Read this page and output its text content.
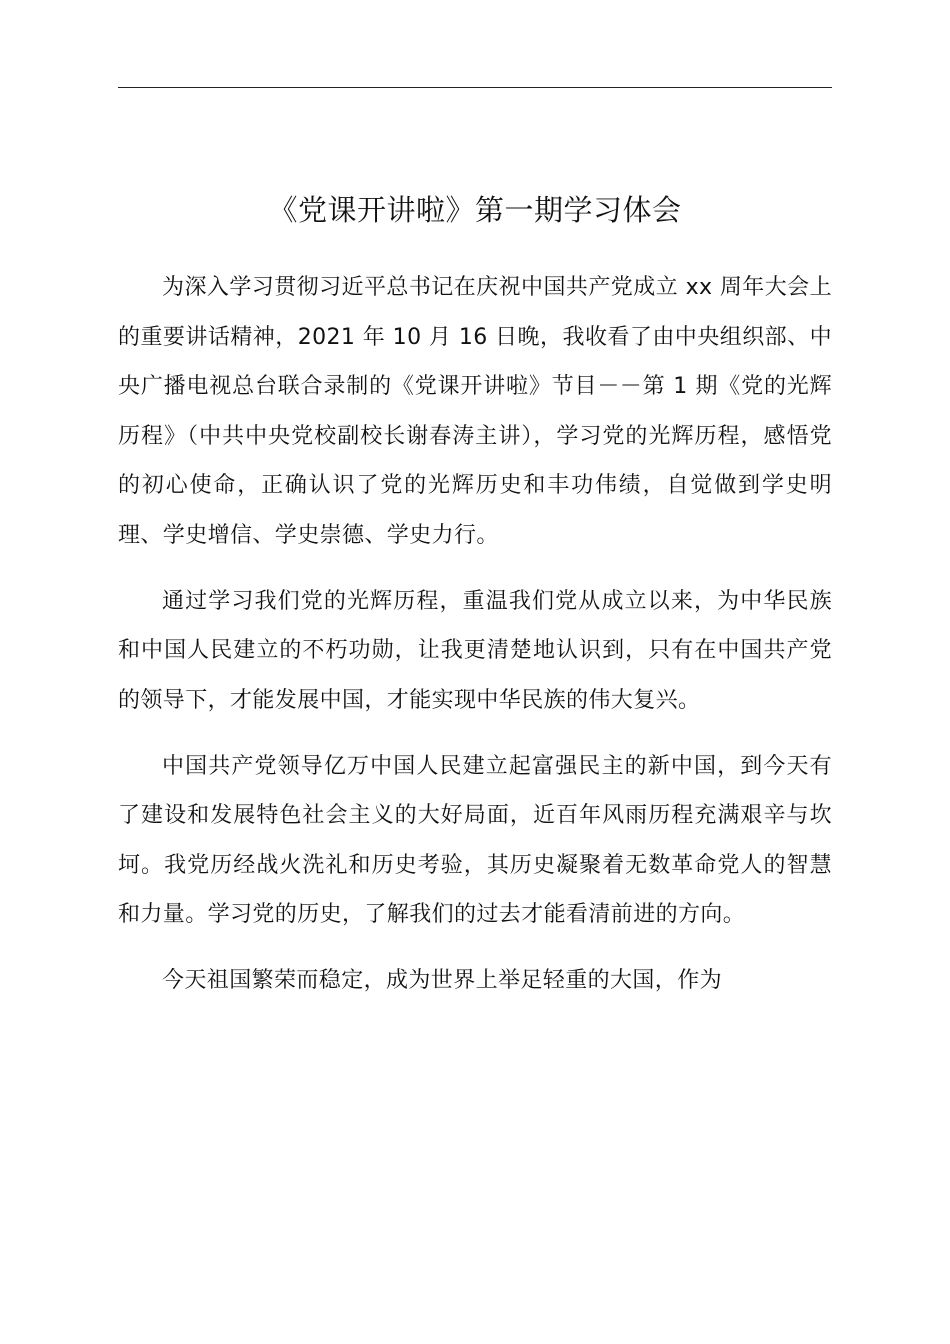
《党课开讲啦》第一期学习体会

为深入学习贯彻习近平总书记在庆祝中国共产党成立 xx 周年大会上的重要讲话精神，2021 年 10 月 16 日晚，我收看了由中央组织部、中央广播电视总台联合录制的《党课开讲啦》节目－－第 1 期《党的光辉历程》（中共中央党校副校长谢春涛主讲），学习党的光辉历程，感悟党的初心使命，正确认识了党的光辉历史和丰功伟绩，自觉做到学史明理、学史增信、学史崇德、学史力行。

通过学习我们党的光辉历程，重温我们党从成立以来，为中华民族和中国人民建立的不朽功勋，让我更清楚地认识到，只有在中国共产党的领导下，才能发展中国，才能实现中华民族的伟大复兴。

中国共产党领导亿万中国人民建立起富强民主的新中国，到今天有了建设和发展特色社会主义的大好局面，近百年风雨历程充满艰辛与坎坷。我党历经战火洗礼和历史考验，其历史凝聚着无数革命党人的智慧和力量。学习党的历史，了解我们的过去才能看清前进的方向。

今天祖国繁荣而稳定，成为世界上举足轻重的大国，作为
